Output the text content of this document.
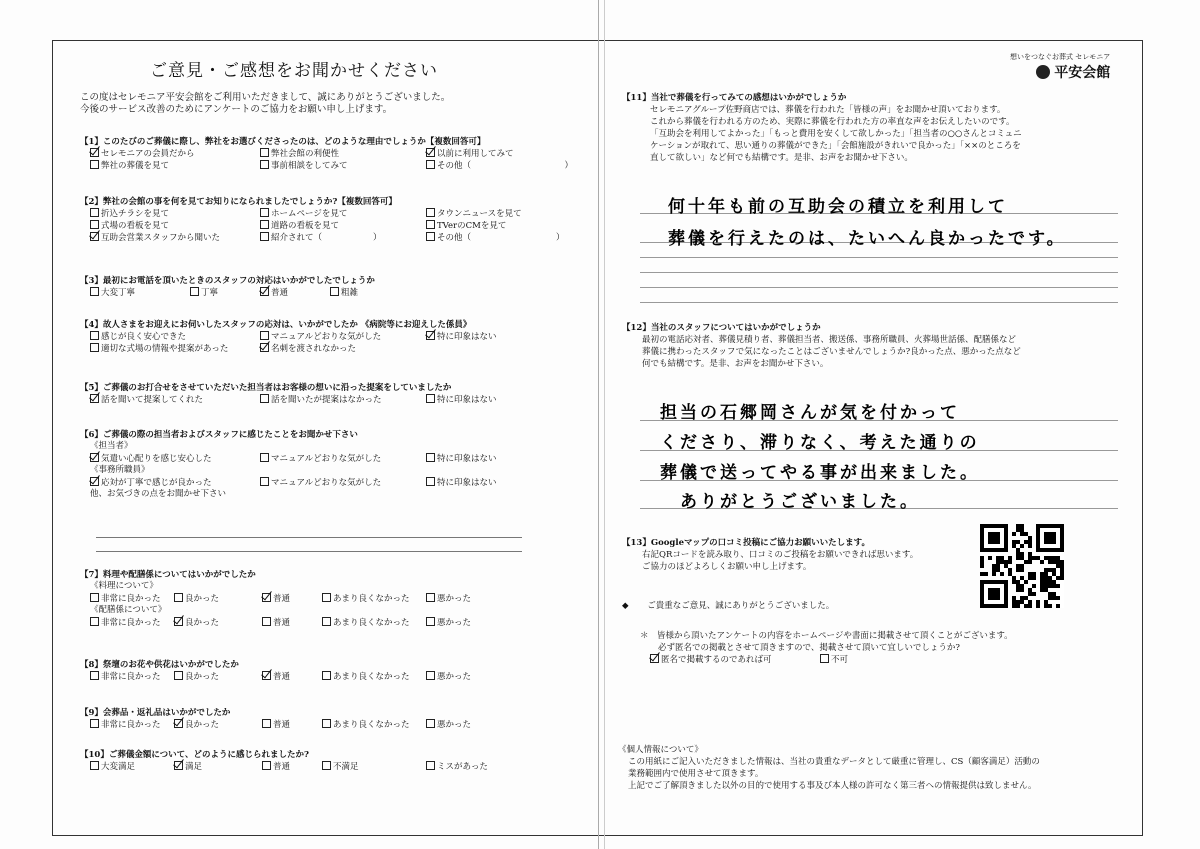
ご意見・ご感想をお聞かせください
この度はセレモニア平安会館をご利用いただきまして、誠にありがとうございました。
今後のサービス改善のためにアンケートのご協力をお願い申し上げます。
【1】このたびのご葬儀に際し、弊社をお選びくださったのは、どのような理由でしょうか【複数回答可】
セレモニアの会員だから	弊社会館の利便性	以前に利用してみて
弊社の葬儀を見て	事前相談をしてみて	その他（　　　　　　　　　　　）
【2】弊社の会館の事を何を見てお知りになられましたでしょうか?【複数回答可】
折込チラシを見て	ホームページを見て	タウンニュースを見て
式場の看板を見て	道路の看板を見て	TVerのCMを見て
互助会営業スタッフから聞いた	紹介されて（　　　　　　）	その他（　　　　　　　　　　）
【3】最初にお電話を頂いたときのスタッフの対応はいかがでしたでしょうか
大変丁寧	丁寧	普通	粗雑
【4】故人さまをお迎えにお伺いしたスタッフの応対は、いかがでしたか 《病院等にお迎えした係員》
感じが良く安心できた	マニュアルどおりな気がした	特に印象はない
適切な式場の情報や提案があった	名刺を渡されなかった
【5】ご葬儀のお打合せをさせていただいた担当者はお客様の想いに沿った提案をしていましたか
話を聞いて提案してくれた	話を聞いたが提案はなかった	特に印象はない
【6】ご葬儀の際の担当者およびスタッフに感じたことをお聞かせ下さい
《担当者》
気遣い心配りを感じ安心した	マニュアルどおりな気がした	特に印象はない
《事務所職員》
応対が丁寧で感じが良かった	マニュアルどおりな気がした	特に印象はない
他、お気づきの点をお聞かせ下さい
【7】料理や配膳係についてはいかがでしたか
《料理について》
非常に良かった	良かった	普通	あまり良くなかった	悪かった
《配膳係について》
非常に良かった	良かった	普通	あまり良くなかった	悪かった
【8】祭壇のお花や供花はいかがでしたか
非常に良かった	良かった	普通	あまり良くなかった	悪かった
【9】会葬品・返礼品はいかがでしたか
非常に良かった	良かった	普通	あまり良くなかった	悪かった
【10】ご葬儀金額について、どのように感じられましたか?
大変満足	満足	普通	不満足	ミスがあった
想いをつなぐお葬式 セレモニア
平安会館
【11】当社で葬儀を行ってみての感想はいかがでしょうか
セレモニアグループ佐野商店では、葬儀を行われた「皆様の声」をお聞かせ頂いております。
これから葬儀を行われる方のため、実際に葬儀を行われた方の率直な声をお伝えしたいのです。
「互助会を利用してよかった」「もっと費用を安くして欲しかった」「担当者の○○さんとコミュニ
ケーションが取れて、思い通りの葬儀ができた」「会館施設がきれいで良かった」「××のところを
直して欲しい」など何でも結構です。是非、お声をお聞かせ下さい。
何十年も前の互助会の積立を利用して
葬儀を行えたのは、たいへん良かったです。
【12】当社のスタッフについてはいかがでしょうか
最初の電話応対者、葬儀見積り者、葬儀担当者、搬送係、事務所職員、火葬場世話係、配膳係など
葬儀に携わったスタッフで気になったことはございませんでしょうか?良かった点、悪かった点など
何でも結構です。是非、お声をお聞かせ下さい。
担当の石郷岡さんが気を付かって
くださり、滞りなく、考えた通りの
葬儀で送ってやる事が出来ました。
ありがとうございました。
【13】Googleマップの口コミ投稿にご協力お願いいたします。
右記QRコードを読み取り、口コミのご投稿をお願いできれば思います。
ご協力のほどよろしくお願い申し上げます。
◆ ご貴重なご意見、誠にありがとうございました。
＊　 皆様から頂いたアンケートの内容をホームページや書面に掲載させて頂くことがございます。
必ず匿名での掲載とさせて頂きますので、掲載させて頂いて宜しいでしょうか?
匿名で掲載するのであれば可	不可
《個人情報について》
この用紙にご記入いただきました情報は、当社の貴重なデータとして厳重に管理し、CS（顧客満足）活動の
業務範囲内で使用させて頂きます。
上記でご了解頂きました以外の目的で使用する事及び本人様の許可なく第三者への情報提供は致しません。
